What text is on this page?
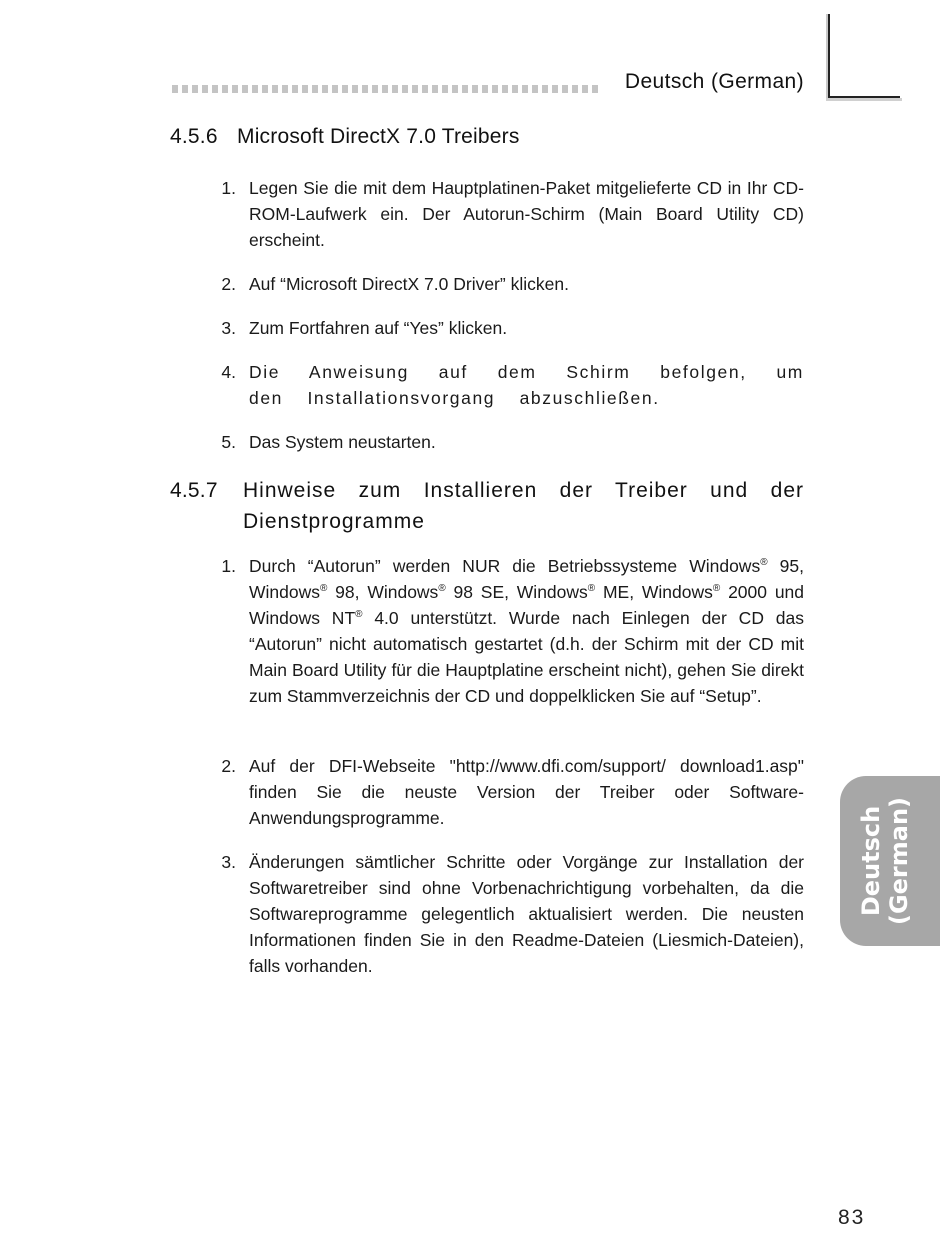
Deutsch (German)
4.5.6 Microsoft DirectX 7.0 Treibers
1. Legen Sie die mit dem Hauptplatinen-Paket mitgelieferte CD in Ihr CD-ROM-Laufwerk ein. Der Autorun-Schirm (Main Board Utility CD) erscheint.
2. Auf “Microsoft DirectX 7.0 Driver” klicken.
3. Zum Fortfahren auf “Yes” klicken.
4. Die Anweisung auf dem Schirm befolgen, um den Installationsvorgang abzuschließen.
5. Das System neustarten.
4.5.7 Hinweise zum Installieren der Treiber und der Dienstprogramme
1. Durch “Autorun” werden NUR die Betriebssysteme Windows® 95, Windows® 98, Windows® 98 SE, Windows® ME, Windows® 2000 und Windows NT® 4.0 unterstützt. Wurde nach Einlegen der CD das “Autorun” nicht automatisch gestartet (d.h. der Schirm mit der CD mit Main Board Utility für die Hauptplatine erscheint nicht), gehen Sie direkt zum Stammverzeichnis der CD und doppelklicken Sie auf “Setup”.
2. Auf der DFI-Webseite "http://www.dfi.com/support/ download1.asp" finden Sie die neuste Version der Treiber oder Software-Anwendungsprogramme.
3. Änderungen sämtlicher Schritte oder Vorgänge zur Installation der Softwaretreiber sind ohne Vorbenachrichtigung vorbehalten, da die Softwareprogramme gelegentlich aktualisiert werden. Die neusten Informationen finden Sie in den Readme-Dateien (Liesmich-Dateien), falls vorhanden.
Deutsch (German)
83
